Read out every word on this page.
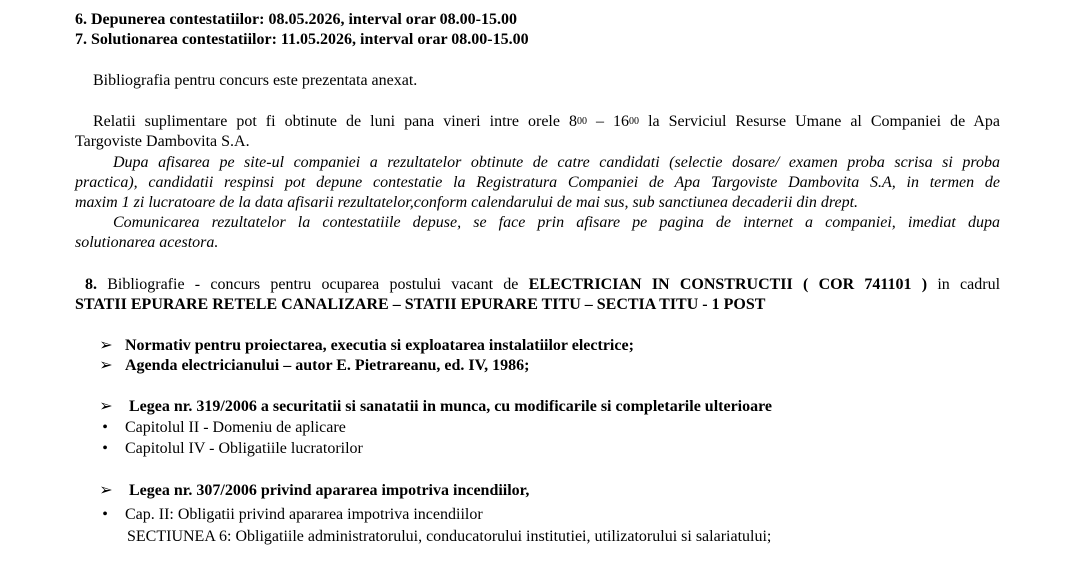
6. Depunerea contestatiilor: 08.05.2026, interval orar 08.00-15.00
7. Solutionarea contestatiilor: 11.05.2026, interval orar 08.00-15.00
Bibliografia pentru concurs este prezentata anexat.
Relatii suplimentare pot fi obtinute de luni pana vineri intre orele $8^{00} - 16^{00}$ la Serviciul Resurse Umane al Companiei de Apa
Targoviste Dambovita S.A.
Dupa afisarea pe site-ul companiei a rezultatelor obtinute de catre candidati (selectie dosare/ examen proba scrisa si proba
practica), candidatii respinsi pot depune contestatie la Registratura Companiei de Apa Targoviste Dambovita S.A, in termen de
maxim 1 zi lucratoare de la data afisarii rezultatelor,conform calendarului de mai sus, sub sanctiunea decaderii din drept.
Comunicarea rezultatelor la contestatiile depuse, se face prin afisare pe pagina de internet a companiei, imediat dupa
solutionarea acestora.
8. Bibliografie - concurs pentru ocuparea postului vacant de ELECTRICIAN IN CONSTRUCTII ( COR 741101 ) in cadrul
STATII EPURARE RETELE CANALIZARE – STATII EPURARE TITU – SECTIA TITU - 1 POST
➢ Normativ pentru proiectarea, executia si exploatarea instalatiilor electrice;
➢ Agenda electricianului – autor E. Pietrareanu, ed. IV, 1986;
➢ Legea nr. 319/2006 a securitatii si sanatatii in munca, cu modificarile si completarile ulterioare
•	Capitolul II - Domeniu de aplicare
•	Capitolul IV - Obligatiile lucratorilor
➢ Legea nr. 307/2006 privind apararea impotriva incendiilor,
•	Cap. II: Obligatii privind apararea impotriva incendiilor
SECTIUNEA 6: Obligatiile administratorului, conducatorului institutiei, utilizatorului si salariatului;
